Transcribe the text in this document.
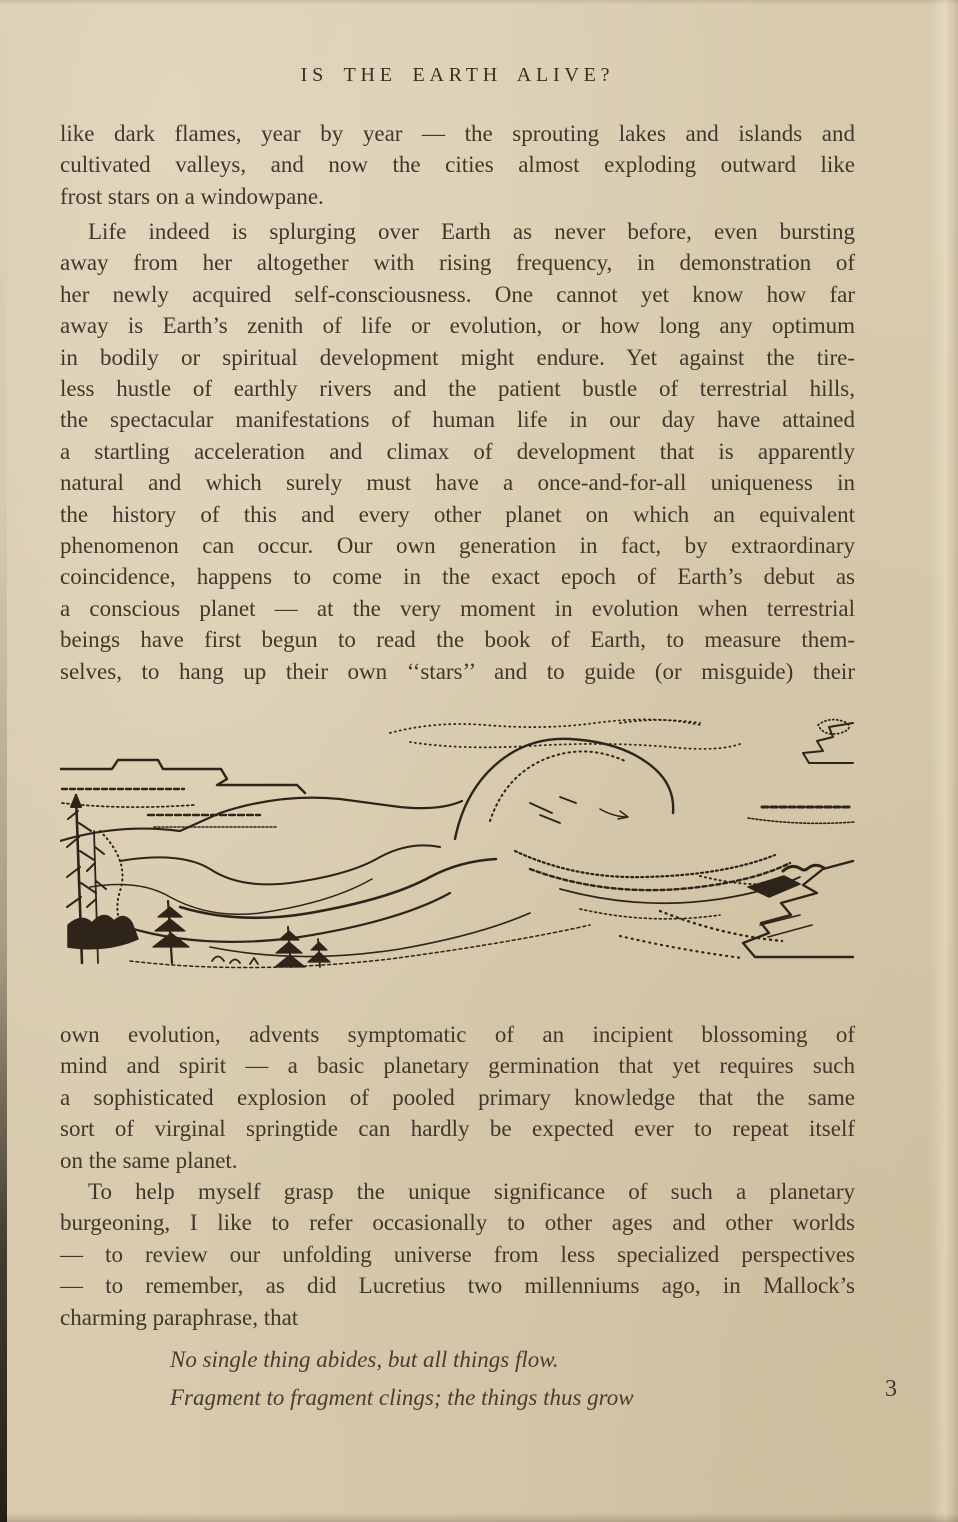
IS THE EARTH ALIVE?
like dark flames, year by year — the sprouting lakes and islands and
cultivated valleys, and now the cities almost exploding outward like
frost stars on a windowpane.
Life indeed is splurging over Earth as never before, even bursting
away from her altogether with rising frequency, in demonstration of
her newly acquired self-consciousness. One cannot yet know how far
away is Earth’s zenith of life or evolution, or how long any optimum
in bodily or spiritual development might endure. Yet against the tire-
less hustle of earthly rivers and the patient bustle of terrestrial hills,
the spectacular manifestations of human life in our day have attained
a startling acceleration and climax of development that is apparently
natural and which surely must have a once-and-for-all uniqueness in
the history of this and every other planet on which an equivalent
phenomenon can occur. Our own generation in fact, by extraordinary
coincidence, happens to come in the exact epoch of Earth’s debut as
a conscious planet — at the very moment in evolution when terrestrial
beings have first begun to read the book of Earth, to measure them-
selves, to hang up their own ‘‘stars’’ and to guide (or misguide) their
own evolution, advents symptomatic of an incipient blossoming of
mind and spirit — a basic planetary germination that yet requires such
a sophisticated explosion of pooled primary knowledge that the same
sort of virginal springtide can hardly be expected ever to repeat itself
on the same planet.
To help myself grasp the unique significance of such a planetary
burgeoning, I like to refer occasionally to other ages and other worlds
— to review our unfolding universe from less specialized perspectives
— to remember, as did Lucretius two millenniums ago, in Mallock’s
charming paraphrase, that
No single thing abides, but all things flow.
Fragment to fragment clings; the things thus grow	3
